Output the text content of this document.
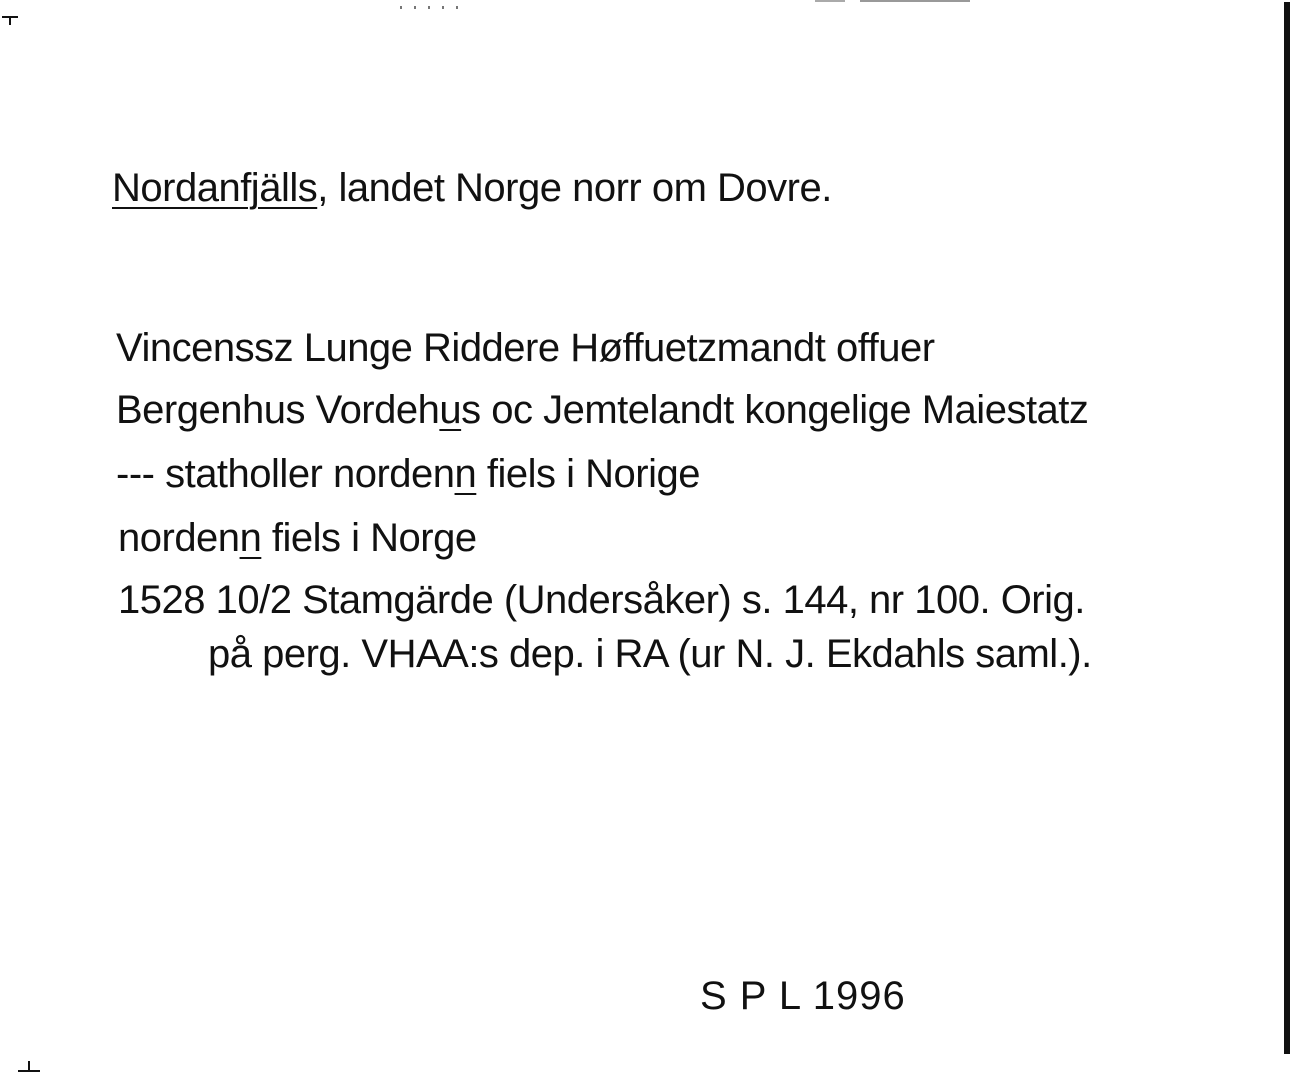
Nordanfjälls, landet Norge norr om Dovre.
Vincenssz Lunge Riddere Høffuetzmandt offuer
Bergenhus Vordehus oc Jemtelandt kongelige Maiestatz
--- statholler nordenn fiels i Norige
nordenn fiels i Norge
1528 10/2 Stamgärde (Undersåker) s. 144, nr 100. Orig.
på perg. VHAA:s dep. i RA (ur N. J. Ekdahls saml.).
S P L 1996
